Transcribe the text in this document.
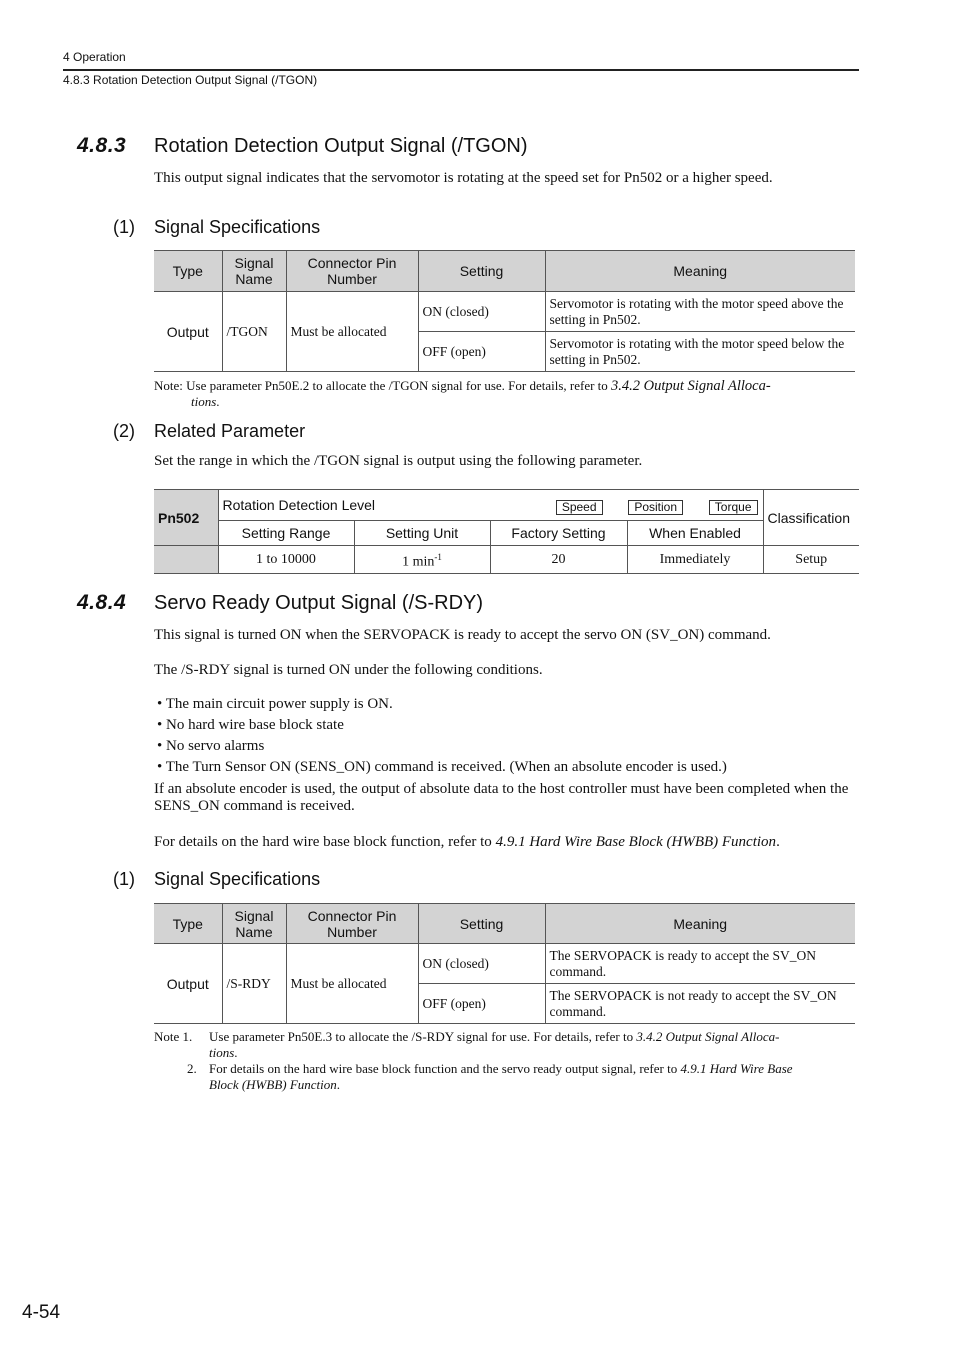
4 Operation
4.8.3 Rotation Detection Output Signal (/TGON)
4.8.3 Rotation Detection Output Signal (/TGON)
This output signal indicates that the servomotor is rotating at the speed set for Pn502 or a higher speed.
(1) Signal Specifications
Type	Signal Name	Connector Pin Number	Setting	Meaning
Output	/TGON	Must be allocated	ON (closed)	Servomotor is rotating with the motor speed above the setting in Pn502.
			OFF (open)	Servomotor is rotating with the motor speed below the setting in Pn502.
Note: Use parameter Pn50E.2 to allocate the /TGON signal for use. For details, refer to 3.4.2 Output Signal Alloca-
tions.
(2) Related Parameter
Set the range in which the /TGON signal is output using the following parameter.
Pn502	Rotation Detection Level Speed Position Torque				Classification
	Setting Range	Setting Unit	Factory Setting	When Enabled	
	1 to 10000	1 $\min^{-1}$	20	Immediately	Setup
4.8.4 Servo Ready Output Signal (/S-RDY)
This signal is turned ON when the SERVOPACK is ready to accept the servo ON (SV_ON) command.
The /S-RDY signal is turned ON under the following conditions.
• The main circuit power supply is ON.
• No hard wire base block state
• No servo alarms
• The Turn Sensor ON (SENS_ON) command is received. (When an absolute encoder is used.)
If an absolute encoder is used, the output of absolute data to the host controller must have been completed when the SENS_ON command is received.
For details on the hard wire base block function, refer to 4.9.1 Hard Wire Base Block (HWBB) Function.
(1) Signal Specifications
Type	Signal Name	Connector Pin Number	Setting	Meaning
Output	/S-RDY	Must be allocated	ON (closed)	The SERVOPACK is ready to accept the SV_ON command.
			OFF (open)	The SERVOPACK is not ready to accept the SV_ON command.
Note 1. Use parameter Pn50E.3 to allocate the /S-RDY signal for use. For details, refer to 3.4.2 Output Signal Alloca-
tions.
2. For details on the hard wire base block function and the servo ready output signal, refer to 4.9.1 Hard Wire Base
Block (HWBB) Function.
4-54
